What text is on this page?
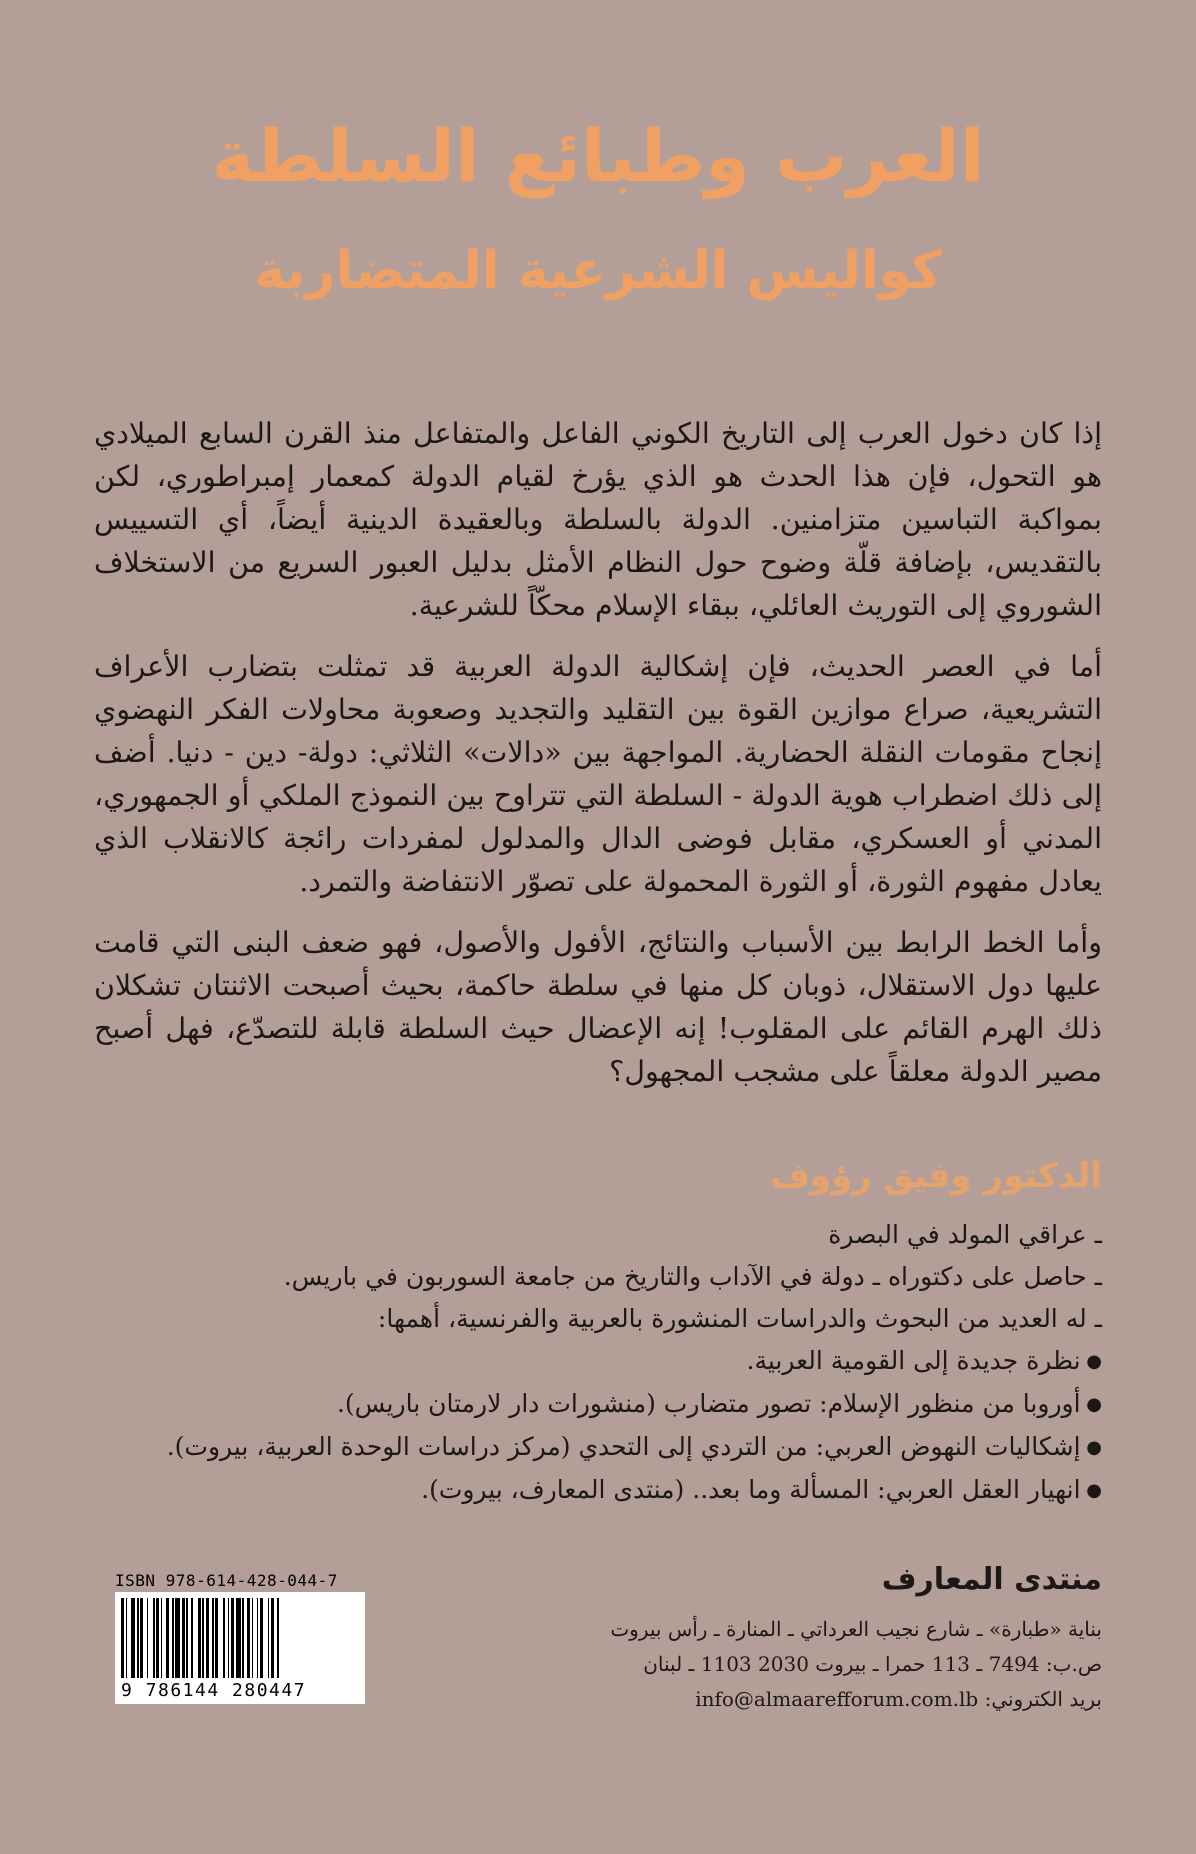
العرب وطبائع السلطة
كواليس الشرعية المتضاربة

إذا كان دخول العرب إلى التاريخ الكوني الفاعل والمتفاعل منذ القرن السابع الميلادي هو التحول، فإن هذا الحدث هو الذي يؤرخ لقيام الدولة كمعمار إمبراطوري، لكن بمواكبة التباسين متزامنين. الدولة بالسلطة وبالعقيدة الدينية أيضاً، أي التسييس بالتقديس، بإضافة قلّة وضوح حول النظام الأمثل بدليل العبور السريع من الاستخلاف الشوروي إلى التوريث العائلي، ببقاء الإسلام محكّاً للشرعية.

أما في العصر الحديث، فإن إشكالية الدولة العربية قد تمثلت بتضارب الأعراف التشريعية، صراع موازين القوة بين التقليد والتجديد وصعوبة محاولات الفكر النهضوي إنجاح مقومات النقلة الحضارية. المواجهة بين «دالات» الثلاثي: دولة- دين - دنيا. أضف إلى ذلك اضطراب هوية الدولة - السلطة التي تتراوح بين النموذج الملكي أو الجمهوري، المدني أو العسكري، مقابل فوضى الدال والمدلول لمفردات رائجة كالانقلاب الذي يعادل مفهوم الثورة، أو الثورة المحمولة على تصوّر الانتفاضة والتمرد.

وأما الخط الرابط بين الأسباب والنتائج، الأفول والأصول، فهو ضعف البنى التي قامت عليها دول الاستقلال، ذوبان كل منها في سلطة حاكمة، بحيث أصبحت الاثنتان تشكلان ذلك الهرم القائم على المقلوب! إنه الإعضال حيث السلطة قابلة للتصدّع، فهل أصبح مصير الدولة معلقاً على مشجب المجهول؟

الدكتور وفيق رؤوف
ـ عراقي المولد في البصرة
ـ حاصل على دكتوراه ـ دولة في الآداب والتاريخ من جامعة السوربون في باريس.
ـ له العديد من البحوث والدراسات المنشورة بالعربية والفرنسية، أهمها:
● نظرة جديدة إلى القومية العربية.
● أوروبا من منظور الإسلام: تصور متضارب (منشورات دار لارمتان باريس).
● إشكاليات النهوض العربي: من التردي إلى التحدي (مركز دراسات الوحدة العربية، بيروت).
● انهيار العقل العربي: المسألة وما بعد.. (منتدى المعارف، بيروت).
منتدى المعارف
بناية «طبارة» ـ شارع نجيب العرداتي ـ المنارة ـ رأس بيروت
ص.ب: 7494 ـ 113 حمرا ـ بيروت 2030 1103 ـ لبنان
بريد الكتروني: info@almaarefforum.com.lb
ISBN 978-614-428-044-7
9 786144 280447
